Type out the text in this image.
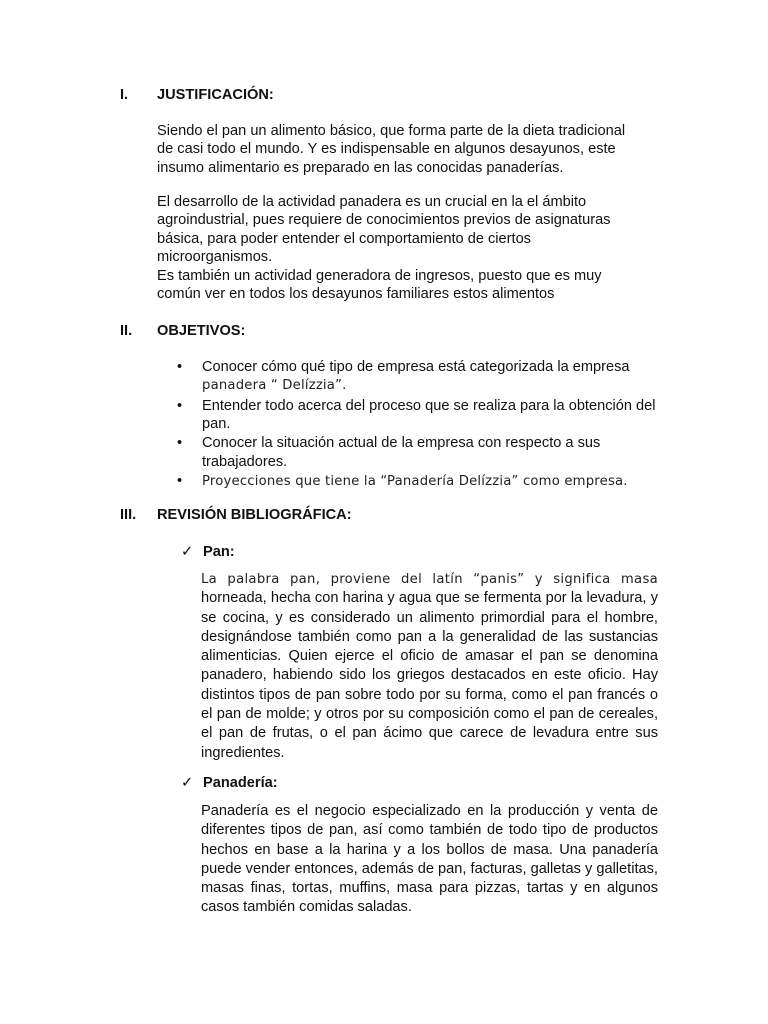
I. JUSTIFICACIÓN:

Siendo el pan un alimento básico, que forma parte de la dieta tradicional de casi todo el mundo. Y es indispensable en algunos desayunos, este insumo alimentario es preparado en las conocidas panaderías.

El desarrollo de la actividad panadera es un crucial en la el ámbito agroindustrial, pues requiere de conocimientos previos de asignaturas básica, para poder entender el comportamiento de ciertos microorganismos.

Es también un actividad generadora de ingresos, puesto que es muy común ver en todos los desayunos familiares estos alimentos

II. OBJETIVOS:
• Conocer cómo qué tipo de empresa está categorizada la empresa
panadera “ Delízzia”.
• Entender todo acerca del proceso que se realiza para la obtención del pan.
• Conocer la situación actual de la empresa con respecto a sus trabajadores.
• Proyecciones que tiene la “Panadería Delízzia” como empresa.
III. REVISIÓN BIBLIOGRÁFICA:
✓ Pan:

La palabra pan, proviene del latín “panis” y significa masa horneada, hecha con harina y agua que se fermenta por la levadura, y se cocina, y es considerado un alimento primordial para el hombre, designándose también como pan a la generalidad de las sustancias alimenticias. Quien ejerce el oficio de amasar el pan se denomina panadero, habiendo sido los griegos destacados en este oficio. Hay distintos tipos de pan sobre todo por su forma, como el pan francés o el pan de molde; y otros por su composición como el pan de cereales, el pan de frutas, o el pan ácimo que carece de levadura entre sus ingredientes.

✓ Panadería:

Panadería es el negocio especializado en la producción y venta de diferentes tipos de pan, así como también de todo tipo de productos hechos en base a la harina y a los bollos de masa. Una panadería puede vender entonces, además de pan, facturas, galletas y galletitas, masas finas, tortas, muffins, masa para pizzas, tartas y en algunos casos también comidas saladas.
